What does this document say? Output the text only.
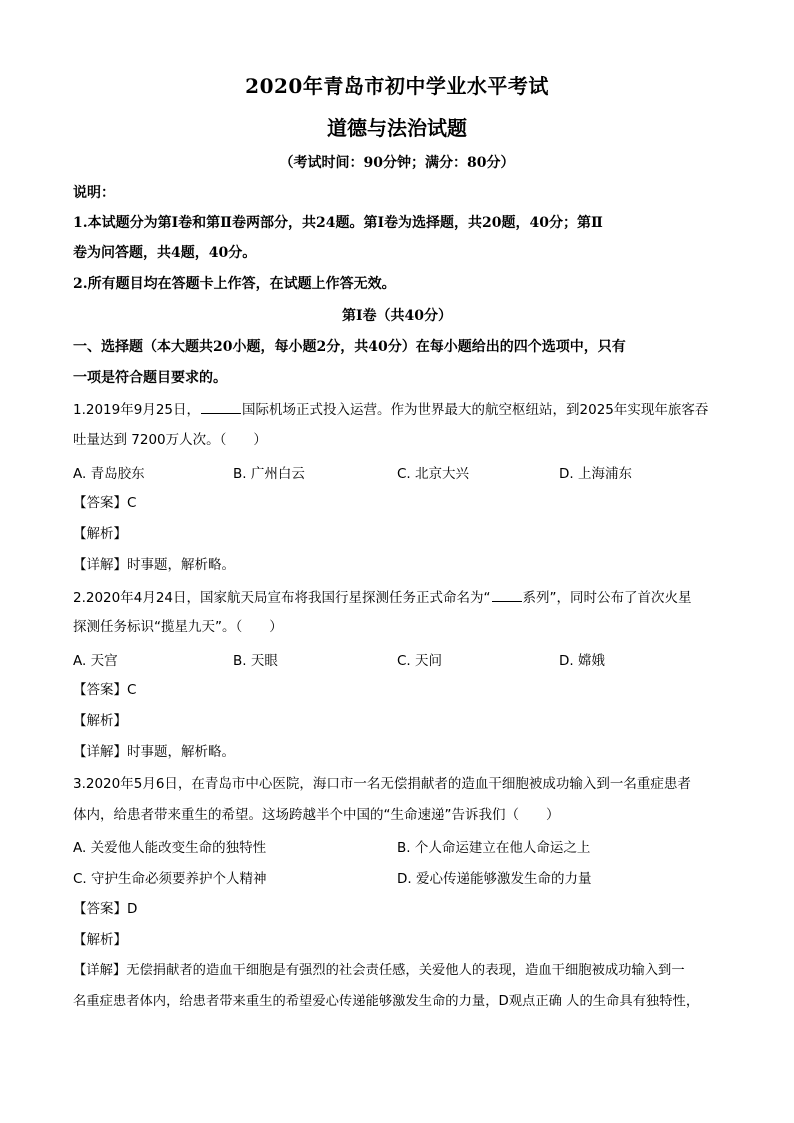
2020年青岛市初中学业水平考试
道德与法治试题
（考试时间：90分钟；满分：80分）
说明：
1.本试题分为第Ⅰ卷和第Ⅱ卷两部分，共24题。第Ⅰ卷为选择题，共20题，40分；第Ⅱ
卷为问答题，共4题，40分。
2.所有题目均在答题卡上作答，在试题上作答无效。
第Ⅰ卷（共40分）
一、选择题（本大题共20小题，每小题2分，共40分）在每小题给出的四个选项中，只有
一项是符合题目要求的。
1.2019年9月25日，	国际机场正式投入运营。作为世界最大的航空枢纽站，到2025年实现年旅客吞
吐量达到 7200万人次。（　　）
A. 青岛胶东	B. 广州白云	C. 北京大兴	D. 上海浦东
【答案】C
【解析】
【详解】时事题，解析略。
2.2020年4月24日，国家航天局宣布将我国行星探测任务正式命名为“ 系列”，同时公布了首次火星
探测任务标识“揽星九天”。（　　）
A. 天宫	B. 天眼	C. 天问	D. 嫦娥
【答案】C
【解析】
【详解】时事题，解析略。
3.2020年5月6日，在青岛市中心医院，海口市一名无偿捐献者的造血干细胞被成功输入到一名重症患者
体内，给患者带来重生的希望。这场跨越半个中国的“生命速递”告诉我们（　　）
A. 关爱他人能改变生命的独特性	B. 个人命运建立在他人命运之上
C. 守护生命必须要养护个人精神	D. 爱心传递能够激发生命的力量
【答案】D
【解析】
【详解】无偿捐献者的造血干细胞是有强烈的社会责任感，关爱他人的表现，造血干细胞被成功输入到一
名重症患者体内，给患者带来重生的希望爱心传递能够激发生命的力量，D观点正确 人的生命具有独特性，
